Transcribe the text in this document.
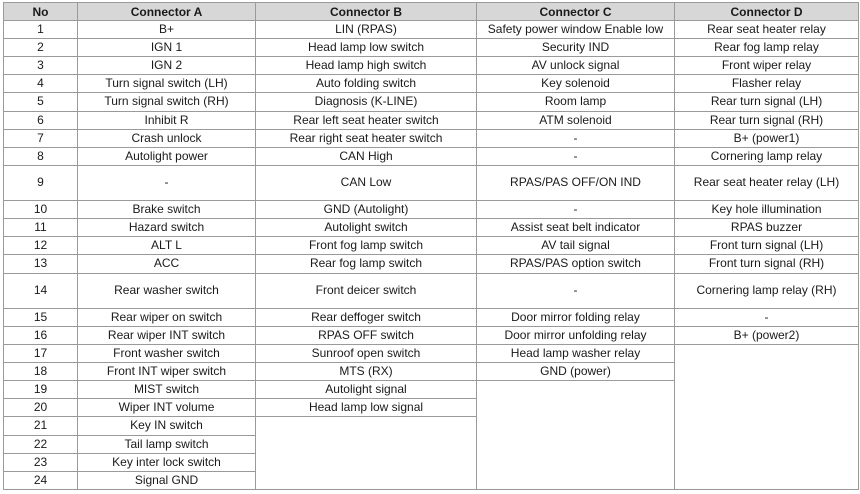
No	Connector A	Connector B	Connector C	Connector D
1	B+	LIN (RPAS)	Safety power window Enable low	Rear seat heater relay
2	IGN 1	Head lamp low switch	Security IND	Rear fog lamp relay
3	IGN 2	Head lamp high switch	AV unlock signal	Front wiper relay
4	Turn signal switch (LH)	Auto folding switch	Key solenoid	Flasher relay
5	Turn signal switch (RH)	Diagnosis (K-LINE)	Room lamp	Rear turn signal (LH)
6	Inhibit R	Rear left seat heater switch	ATM solenoid	Rear turn signal (RH)
7	Crash unlock	Rear right seat heater switch	-	B+ (power1)
8	Autolight power	CAN High	-	Cornering lamp relay
9	-	CAN Low	RPAS/PAS OFF/ON IND	Rear seat heater relay (LH)
10	Brake switch	GND (Autolight)	-	Key hole illumination
11	Hazard switch	Autolight switch	Assist seat belt indicator	RPAS buzzer
12	ALT L	Front fog lamp switch	AV tail signal	Front turn signal (LH)
13	ACC	Rear fog lamp switch	RPAS/PAS option switch	Front turn signal (RH)
14	Rear washer switch	Front deicer switch	-	Cornering lamp relay (RH)
15	Rear wiper on switch	Rear deffoger switch	Door mirror folding relay	-
16	Rear wiper INT switch	RPAS OFF switch	Door mirror unfolding relay	B+ (power2)
17	Front washer switch	Sunroof open switch	Head lamp washer relay	
18	Front INT wiper switch	MTS (RX)	GND (power)	
19	MIST switch	Autolight signal		
20	Wiper INT volume	Head lamp low signal		
21	Key IN switch			
22	Tail lamp switch			
23	Key inter lock switch			
24	Signal GND			
